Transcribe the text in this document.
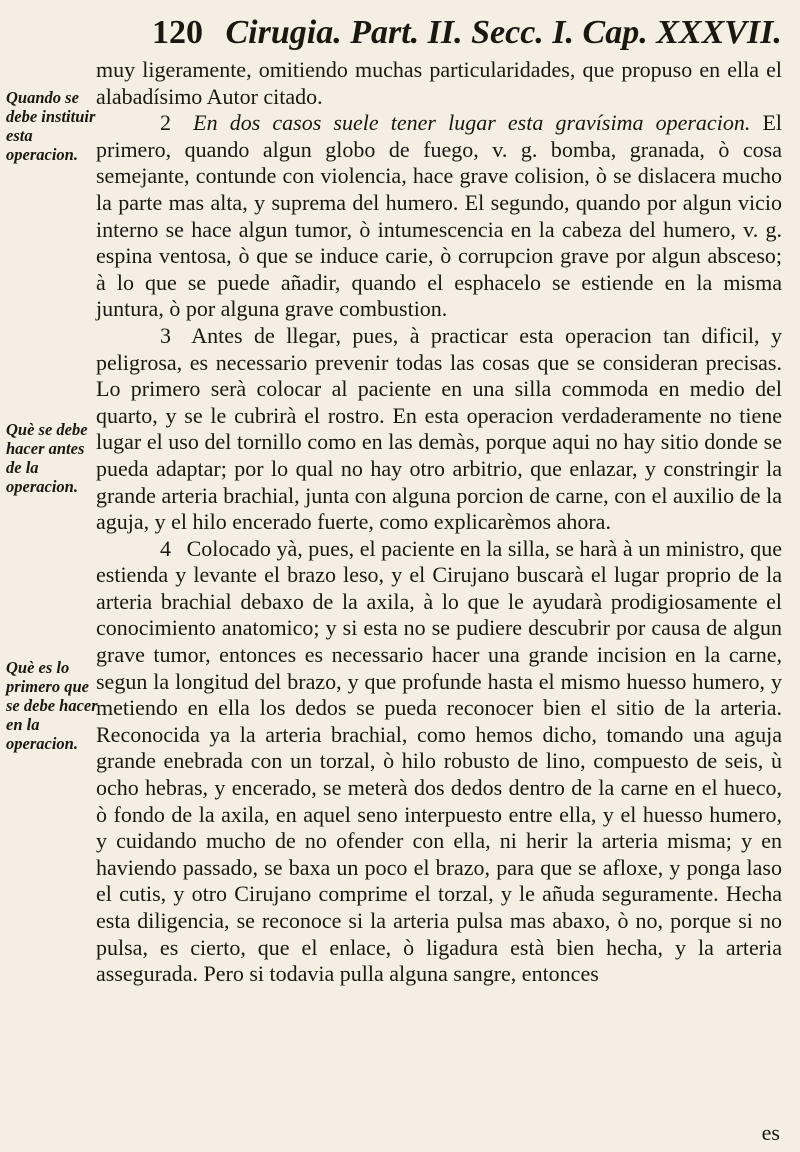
120 Cirugia. Part. II. Secc. I. Cap. XXXVII.
Quando se debe instituir esta operacion.
Què se debe hacer antes de la operacion.
Què es lo primero que se debe hacer en la operacion.

muy ligeramente, omitiendo muchas particularidades, que propuso en ella el alabadísimo Autor citado.

2 En dos casos suele tener lugar esta gravísima operacion. El primero, quando algun globo de fuego, v. g. bomba, granada, ò cosa semejante, contunde con violencia, hace grave colision, ò se dislacera mucho la parte mas alta, y suprema del humero. El segundo, quando por algun vicio interno se hace algun tumor, ò intumescencia en la cabeza del humero, v. g. espina ventosa, ò que se induce carie, ò corrupcion grave por algun absceso; à lo que se puede añadir, quando el esphacelo se estiende en la misma juntura, ò por alguna grave combustion.

3 Antes de llegar, pues, à practicar esta operacion tan dificil, y peligrosa, es necessario prevenir todas las cosas que se consideran precisas. Lo primero serà colocar al paciente en una silla commoda en medio del quarto, y se le cubrirà el rostro. En esta operacion verdaderamente no tiene lugar el uso del tornillo como en las demàs, porque aqui no hay sitio donde se pueda adaptar; por lo qual no hay otro arbitrio, que enlazar, y constringir la grande arteria brachial, junta con alguna porcion de carne, con el auxilio de la aguja, y el hilo encerado fuerte, como explicarèmos ahora.

4 Colocado yà, pues, el paciente en la silla, se harà à un ministro, que estienda y levante el brazo leso, y el Cirujano buscarà el lugar proprio de la arteria brachial debaxo de la axila, à lo que le ayudarà prodigiosamente el conocimiento anatomico; y si esta no se pudiere descubrir por causa de algun grave tumor, entonces es necessario hacer una grande incision en la carne, segun la longitud del brazo, y que profunde hasta el mismo huesso humero, y metiendo en ella los dedos se pueda reconocer bien el sitio de la arteria. Reconocida ya la arteria brachial, como hemos dicho, tomando una aguja grande enebrada con un torzal, ò hilo robusto de lino, compuesto de seis, ù ocho hebras, y encerado, se meterà dos dedos dentro de la carne en el hueco, ò fondo de la axila, en aquel seno interpuesto entre ella, y el huesso humero, y cuidando mucho de no ofender con ella, ni herir la arteria misma; y en haviendo passado, se baxa un poco el brazo, para que se afloxe, y ponga laso el cutis, y otro Cirujano comprime el torzal, y le añuda seguramente. Hecha esta diligencia, se reconoce si la arteria pulsa mas abaxo, ò no, porque si no pulsa, es cierto, que el enlace, ò ligadura està bien hecha, y la arteria assegurada. Pero si todavia pulla alguna sangre, entonces

es
